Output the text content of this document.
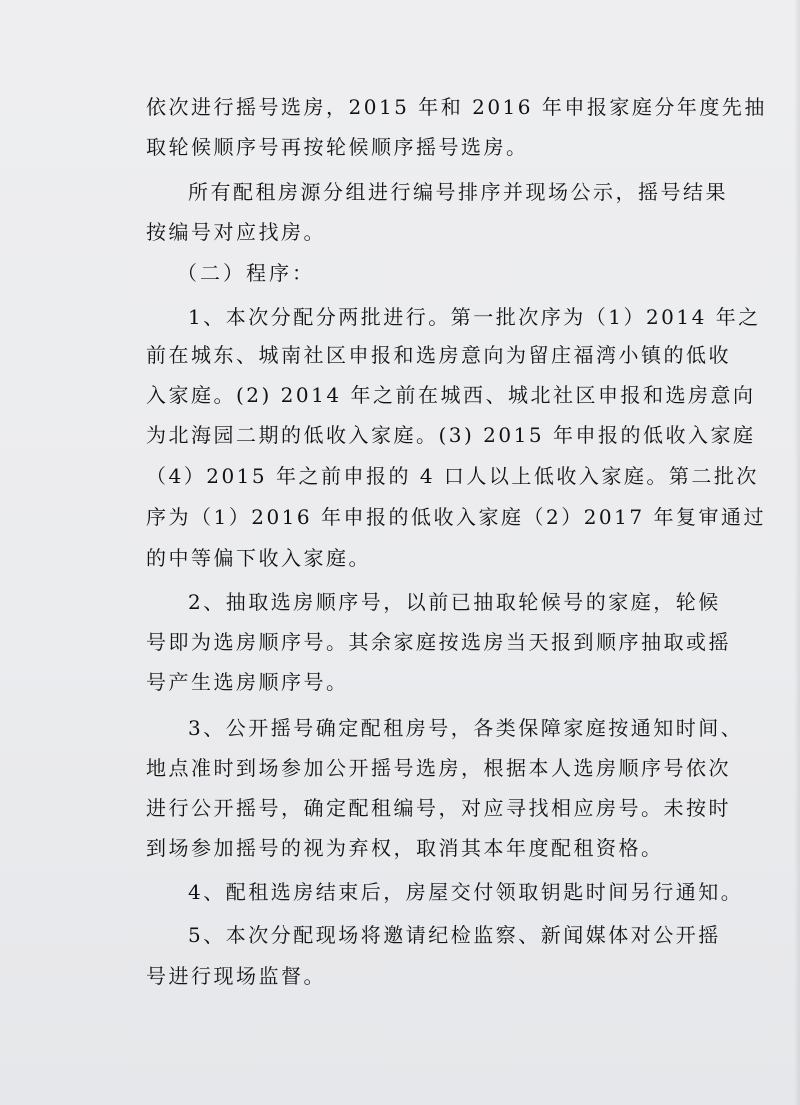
依次进行摇号选房，2015 年和 2016 年申报家庭分年度先抽
取轮候顺序号再按轮候顺序摇号选房。
所有配租房源分组进行编号排序并现场公示，摇号结果
按编号对应找房。
（二）程序：
1、本次分配分两批进行。第一批次序为（1）2014 年之
前在城东、城南社区申报和选房意向为留庄福湾小镇的低收
入家庭。(2) 2014 年之前在城西、城北社区申报和选房意向
为北海园二期的低收入家庭。(3) 2015 年申报的低收入家庭
（4）2015 年之前申报的 4 口人以上低收入家庭。第二批次
序为（1）2016 年申报的低收入家庭（2）2017 年复审通过
的中等偏下收入家庭。
2、抽取选房顺序号，以前已抽取轮候号的家庭，轮候
号即为选房顺序号。其余家庭按选房当天报到顺序抽取或摇
号产生选房顺序号。
3、公开摇号确定配租房号，各类保障家庭按通知时间、
地点准时到场参加公开摇号选房，根据本人选房顺序号依次
进行公开摇号，确定配租编号，对应寻找相应房号。未按时
到场参加摇号的视为弃权，取消其本年度配租资格。
4、配租选房结束后，房屋交付领取钥匙时间另行通知。
5、本次分配现场将邀请纪检监察、新闻媒体对公开摇
号进行现场监督。
